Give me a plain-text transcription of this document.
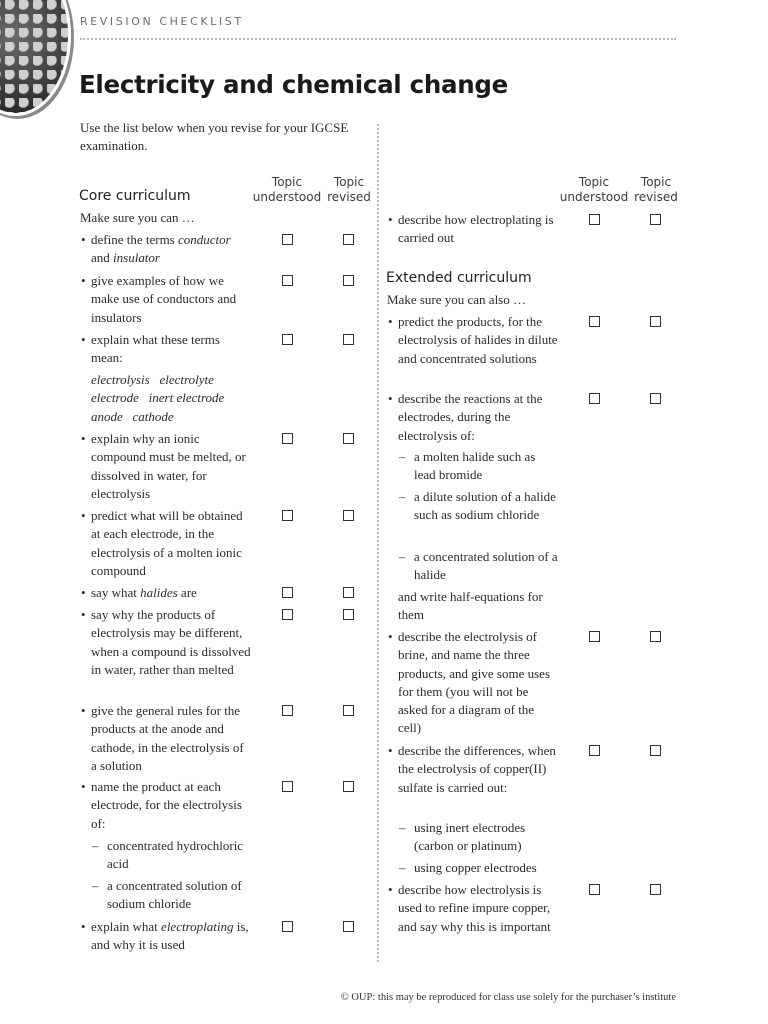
REVISION CHECKLIST
Electricity and chemical change
Use the list below when you revise for your IGCSE examination.
Topic
understood
Topic
revised
Core curriculum
Make sure you can …
• define the terms conductor and insulator
• give examples of how we make use of conductors and insulators
• explain what these terms mean:
electrolysis electrolyte
electrode inert electrode
anode cathode
• explain why an ionic compound must be melted, or dissolved in water, for electrolysis
• predict what will be obtained at each electrode, in the electrolysis of a molten ionic compound
• say what halides are
• say why the products of electrolysis may be different, when a compound is dissolved in water, rather than melted
• give the general rules for the products at the anode and cathode, in the electrolysis of a solution
• name the product at each electrode, for the electrolysis of:
– concentrated hydrochloric acid
– a concentrated solution of sodium chloride
• explain what electroplating is, and why it is used
Topic
understood
Topic
revised
• describe how electroplating is carried out
Extended curriculum
Make sure you can also …
• predict the products, for the electrolysis of halides in dilute and concentrated solutions
• describe the reactions at the electrodes, during the electrolysis of:
– a molten halide such as lead bromide
– a dilute solution of a halide such as sodium chloride
– a concentrated solution of a halide
and write half-equations for them
• describe the electrolysis of brine, and name the three products, and give some uses for them (you will not be asked for a diagram of the cell)
• describe the differences, when the electrolysis of copper(II) sulfate is carried out:
– using inert electrodes (carbon or platinum)
– using copper electrodes
• describe how electrolysis is used to refine impure copper, and say why this is important
© OUP: this may be reproduced for class use solely for the purchaser’s institute
